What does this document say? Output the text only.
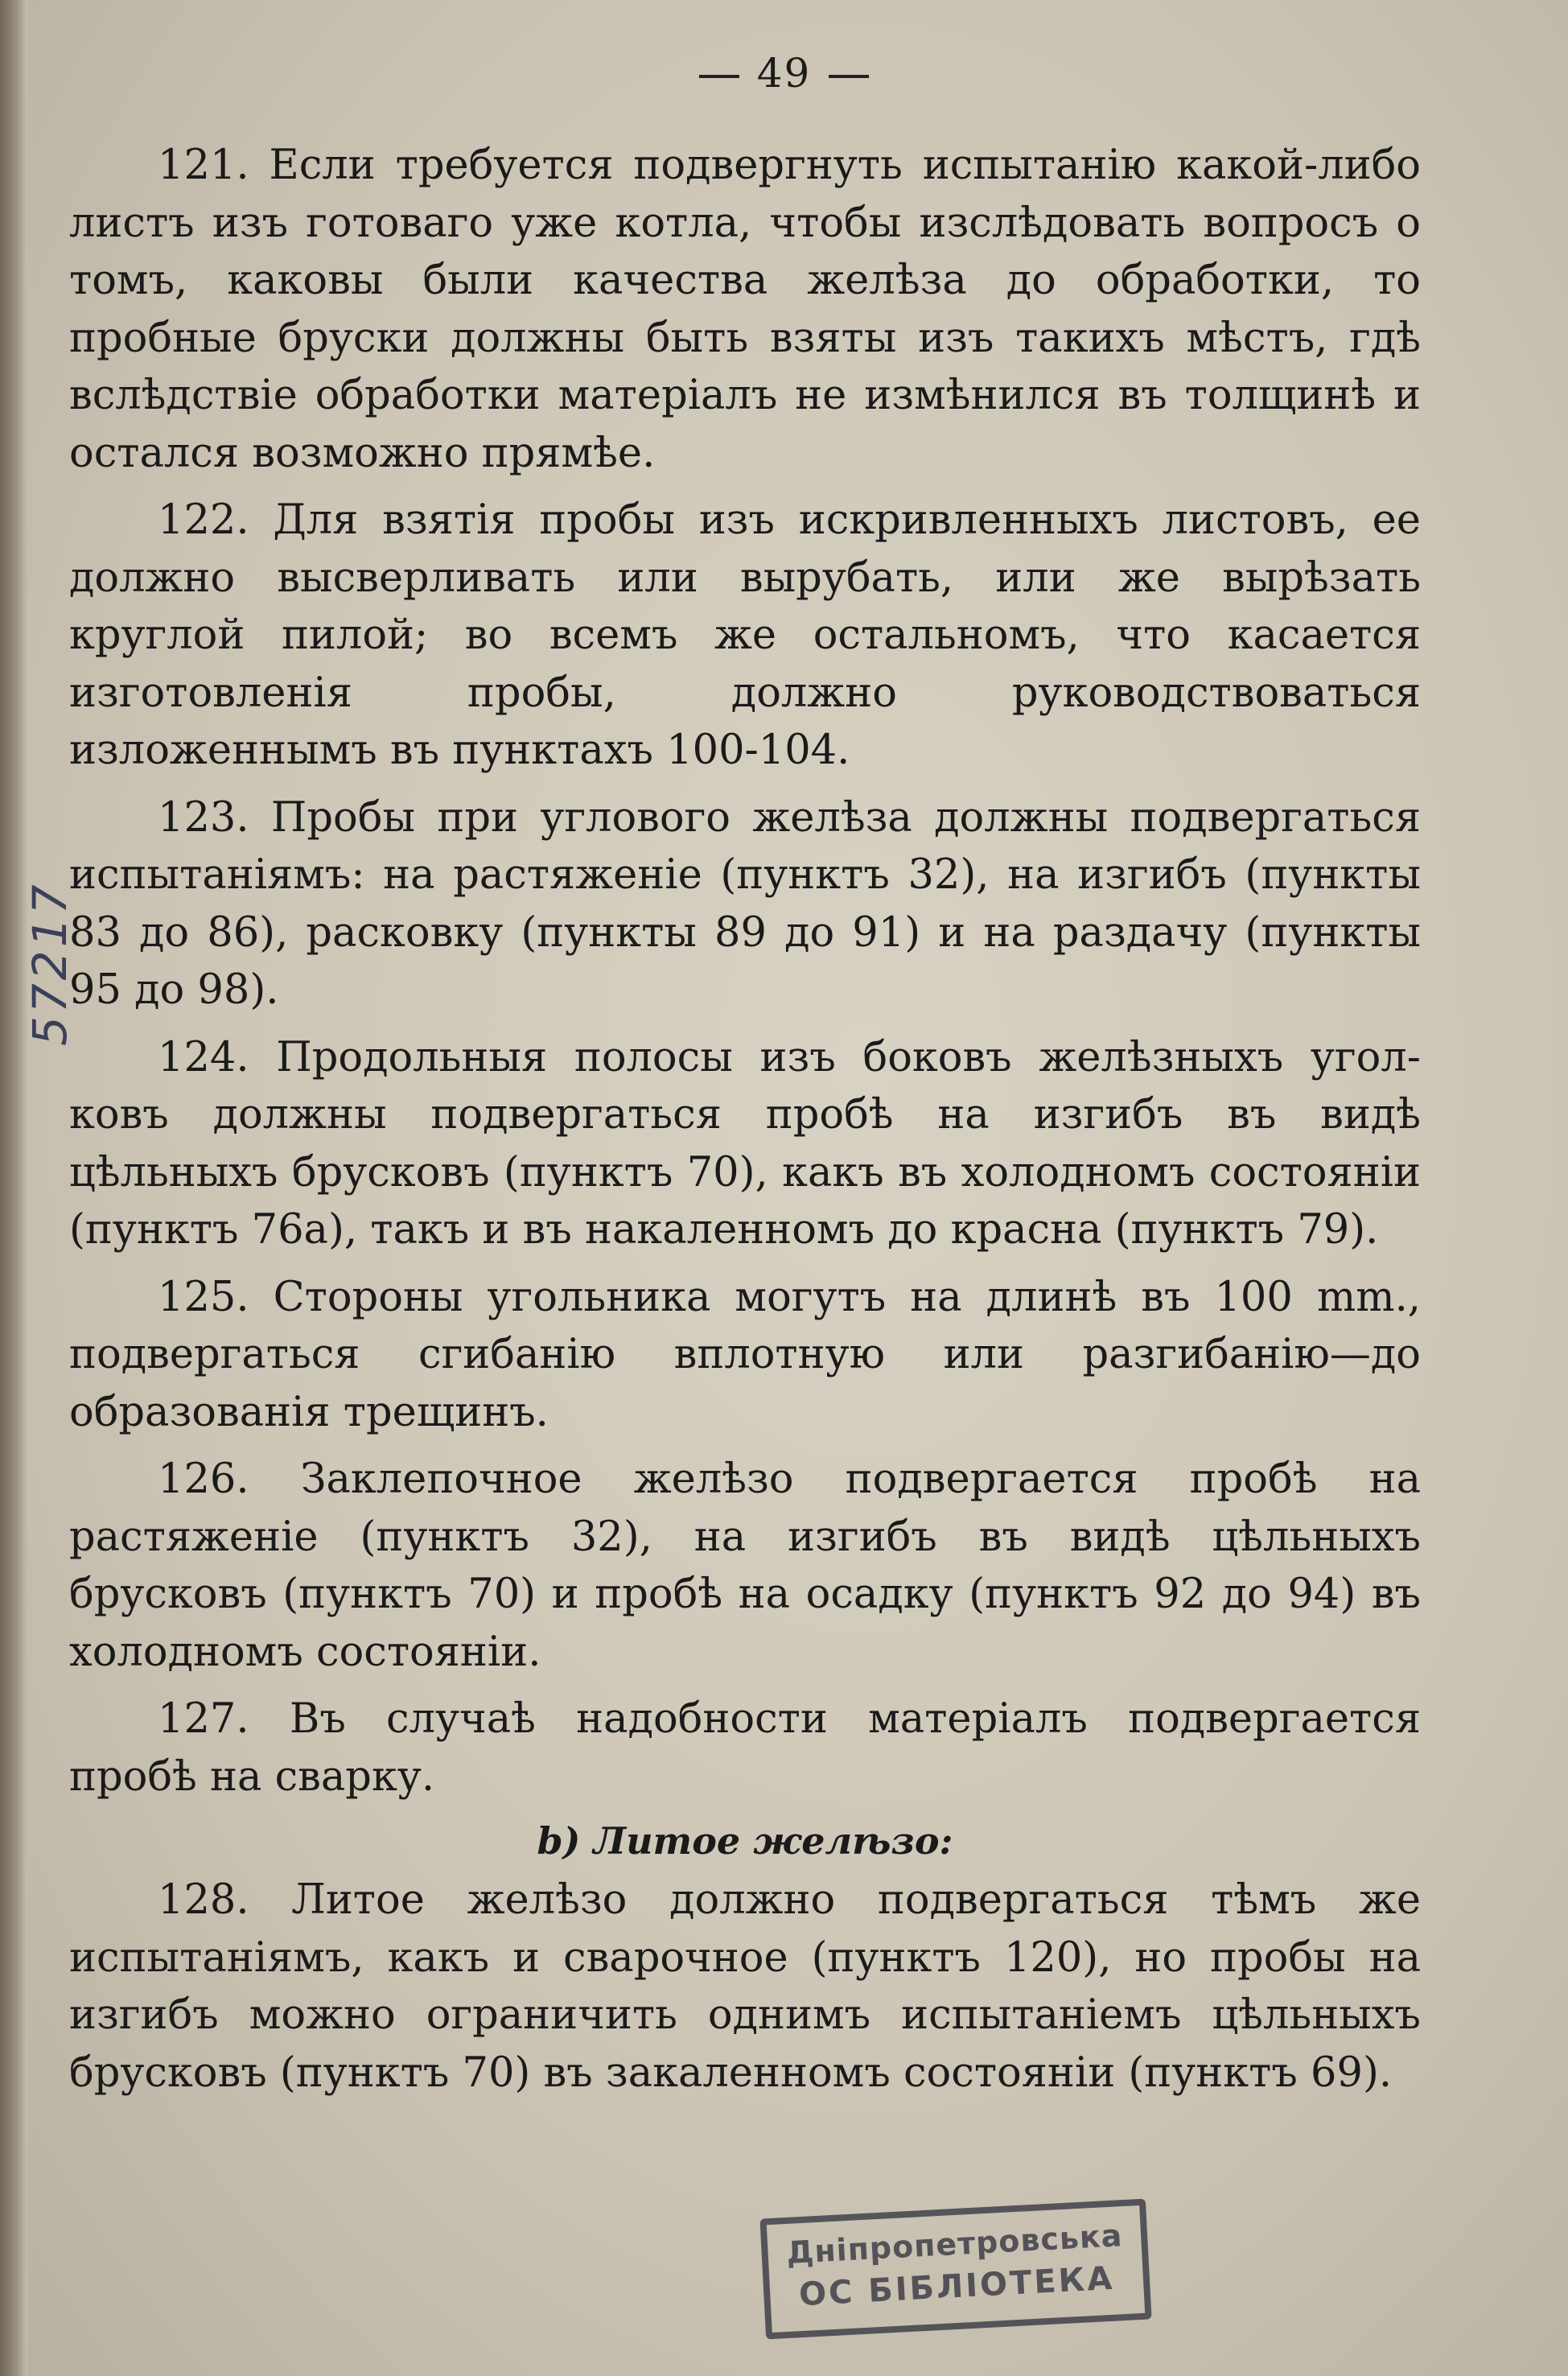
49
57217

121. Если требуется подвергнуть испытанію какой-либо листъ изъ готоваго уже котла, чтобы изслѣдовать вопросъ о томъ, каковы были качества желѣза до обработки, то пробные бруски должны быть взяты изъ такихъ мѣстъ, гдѣ вслѣдствіе обработки матеріалъ не измѣнился въ толщинѣ и остался возможно прямѣе.

122. Для взятія пробы изъ искривленныхъ листовъ, ее должно высверливать или вырубать, или же вырѣзать круглой пилой; во всемъ же остальномъ, что касается изготовленія пробы, должно руководствоваться изложеннымъ въ пунктахъ 100-104.

123. Пробы при углового желѣза должны подвергаться испытаніямъ: на растяженіе (пунктъ 32), на изгибъ (пункты 83 до 86), расковку (пункты 89 до 91) и на раздачу (пункты 95 до 98).

124. Продольныя полосы изъ боковъ желѣзныхъ уголковъ должны подвергаться пробѣ на изгибъ въ видѣ цѣльныхъ брусковъ (пунктъ 70), какъ въ холодномъ состояніи (пунктъ 76а), такъ и въ накаленномъ до красна (пунктъ 79).

125. Стороны угольника могутъ на длинѣ въ 100 mm., подвергаться сгибанію вплотную или разгибанію—до образованія трещинъ.

126. Заклепочное желѣзо подвергается пробѣ на растяженіе (пунктъ 32), на изгибъ въ видѣ цѣльныхъ брусковъ (пунктъ 70) и пробѣ на осадку (пунктъ 92 до 94) въ холодномъ состояніи.

127. Въ случаѣ надобности матеріалъ подвергается пробѣ на сварку.

b) Литое желѣзо:

128. Литое желѣзо должно подвергаться тѣмъ же испытаніямъ, какъ и сварочное (пунктъ 120), но пробы на изгибъ можно ограничить однимъ испытаніемъ цѣльныхъ брусковъ (пунктъ 70) въ закаленномъ состояніи (пунктъ 69).

Дніпропетровська
ОС БІБЛІОТЕКА
